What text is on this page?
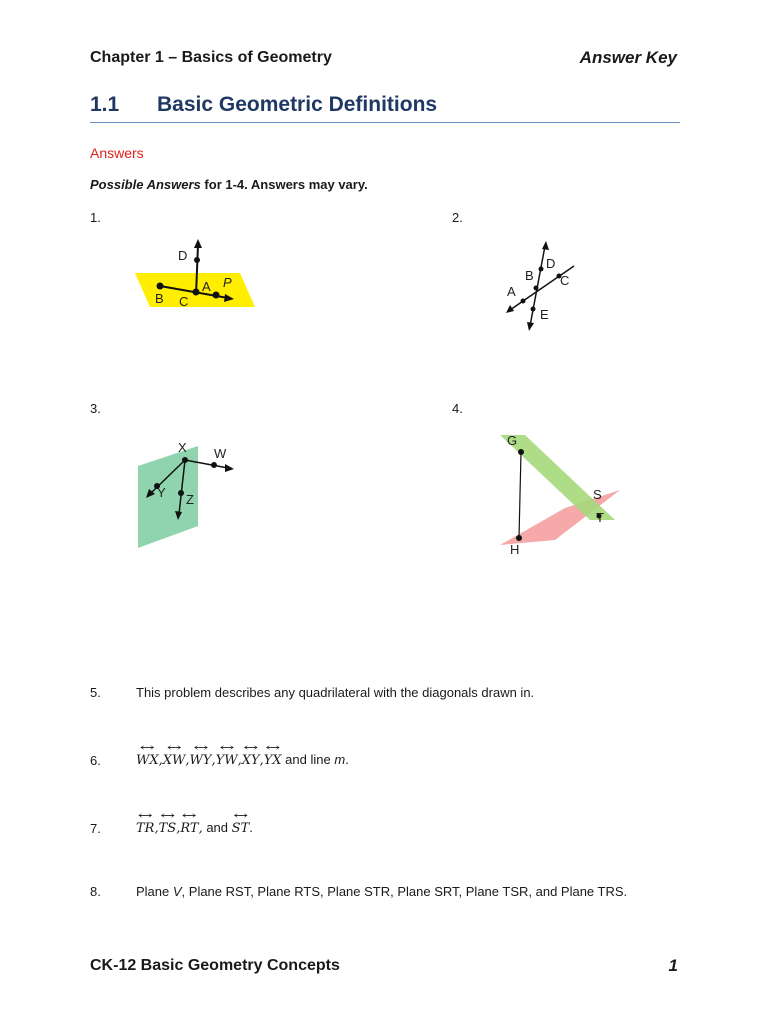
Chapter 1 – Basics of Geometry	Answer Key
1.1 Basic Geometric Definitions
Answers
Possible Answers for 1-4. Answers may vary.
1.	2.
3.	4.
D
B C
A P
D
B C
A
E
X W
Y Z
G
H
S
T
5.	This problem describes any quadrilateral with the diagonals drawn in.
6.	↔ WX,↔ XW,↔ WY,↔ YW,↔ XY,↔ YX and line m.
7.	↔ TR,↔ TS,↔ RT, and ↔ ST.
8.	Plane V, Plane RST, Plane RTS, Plane STR, Plane SRT, Plane TSR, and Plane TRS.
CK-12 Basic Geometry Concepts	1
